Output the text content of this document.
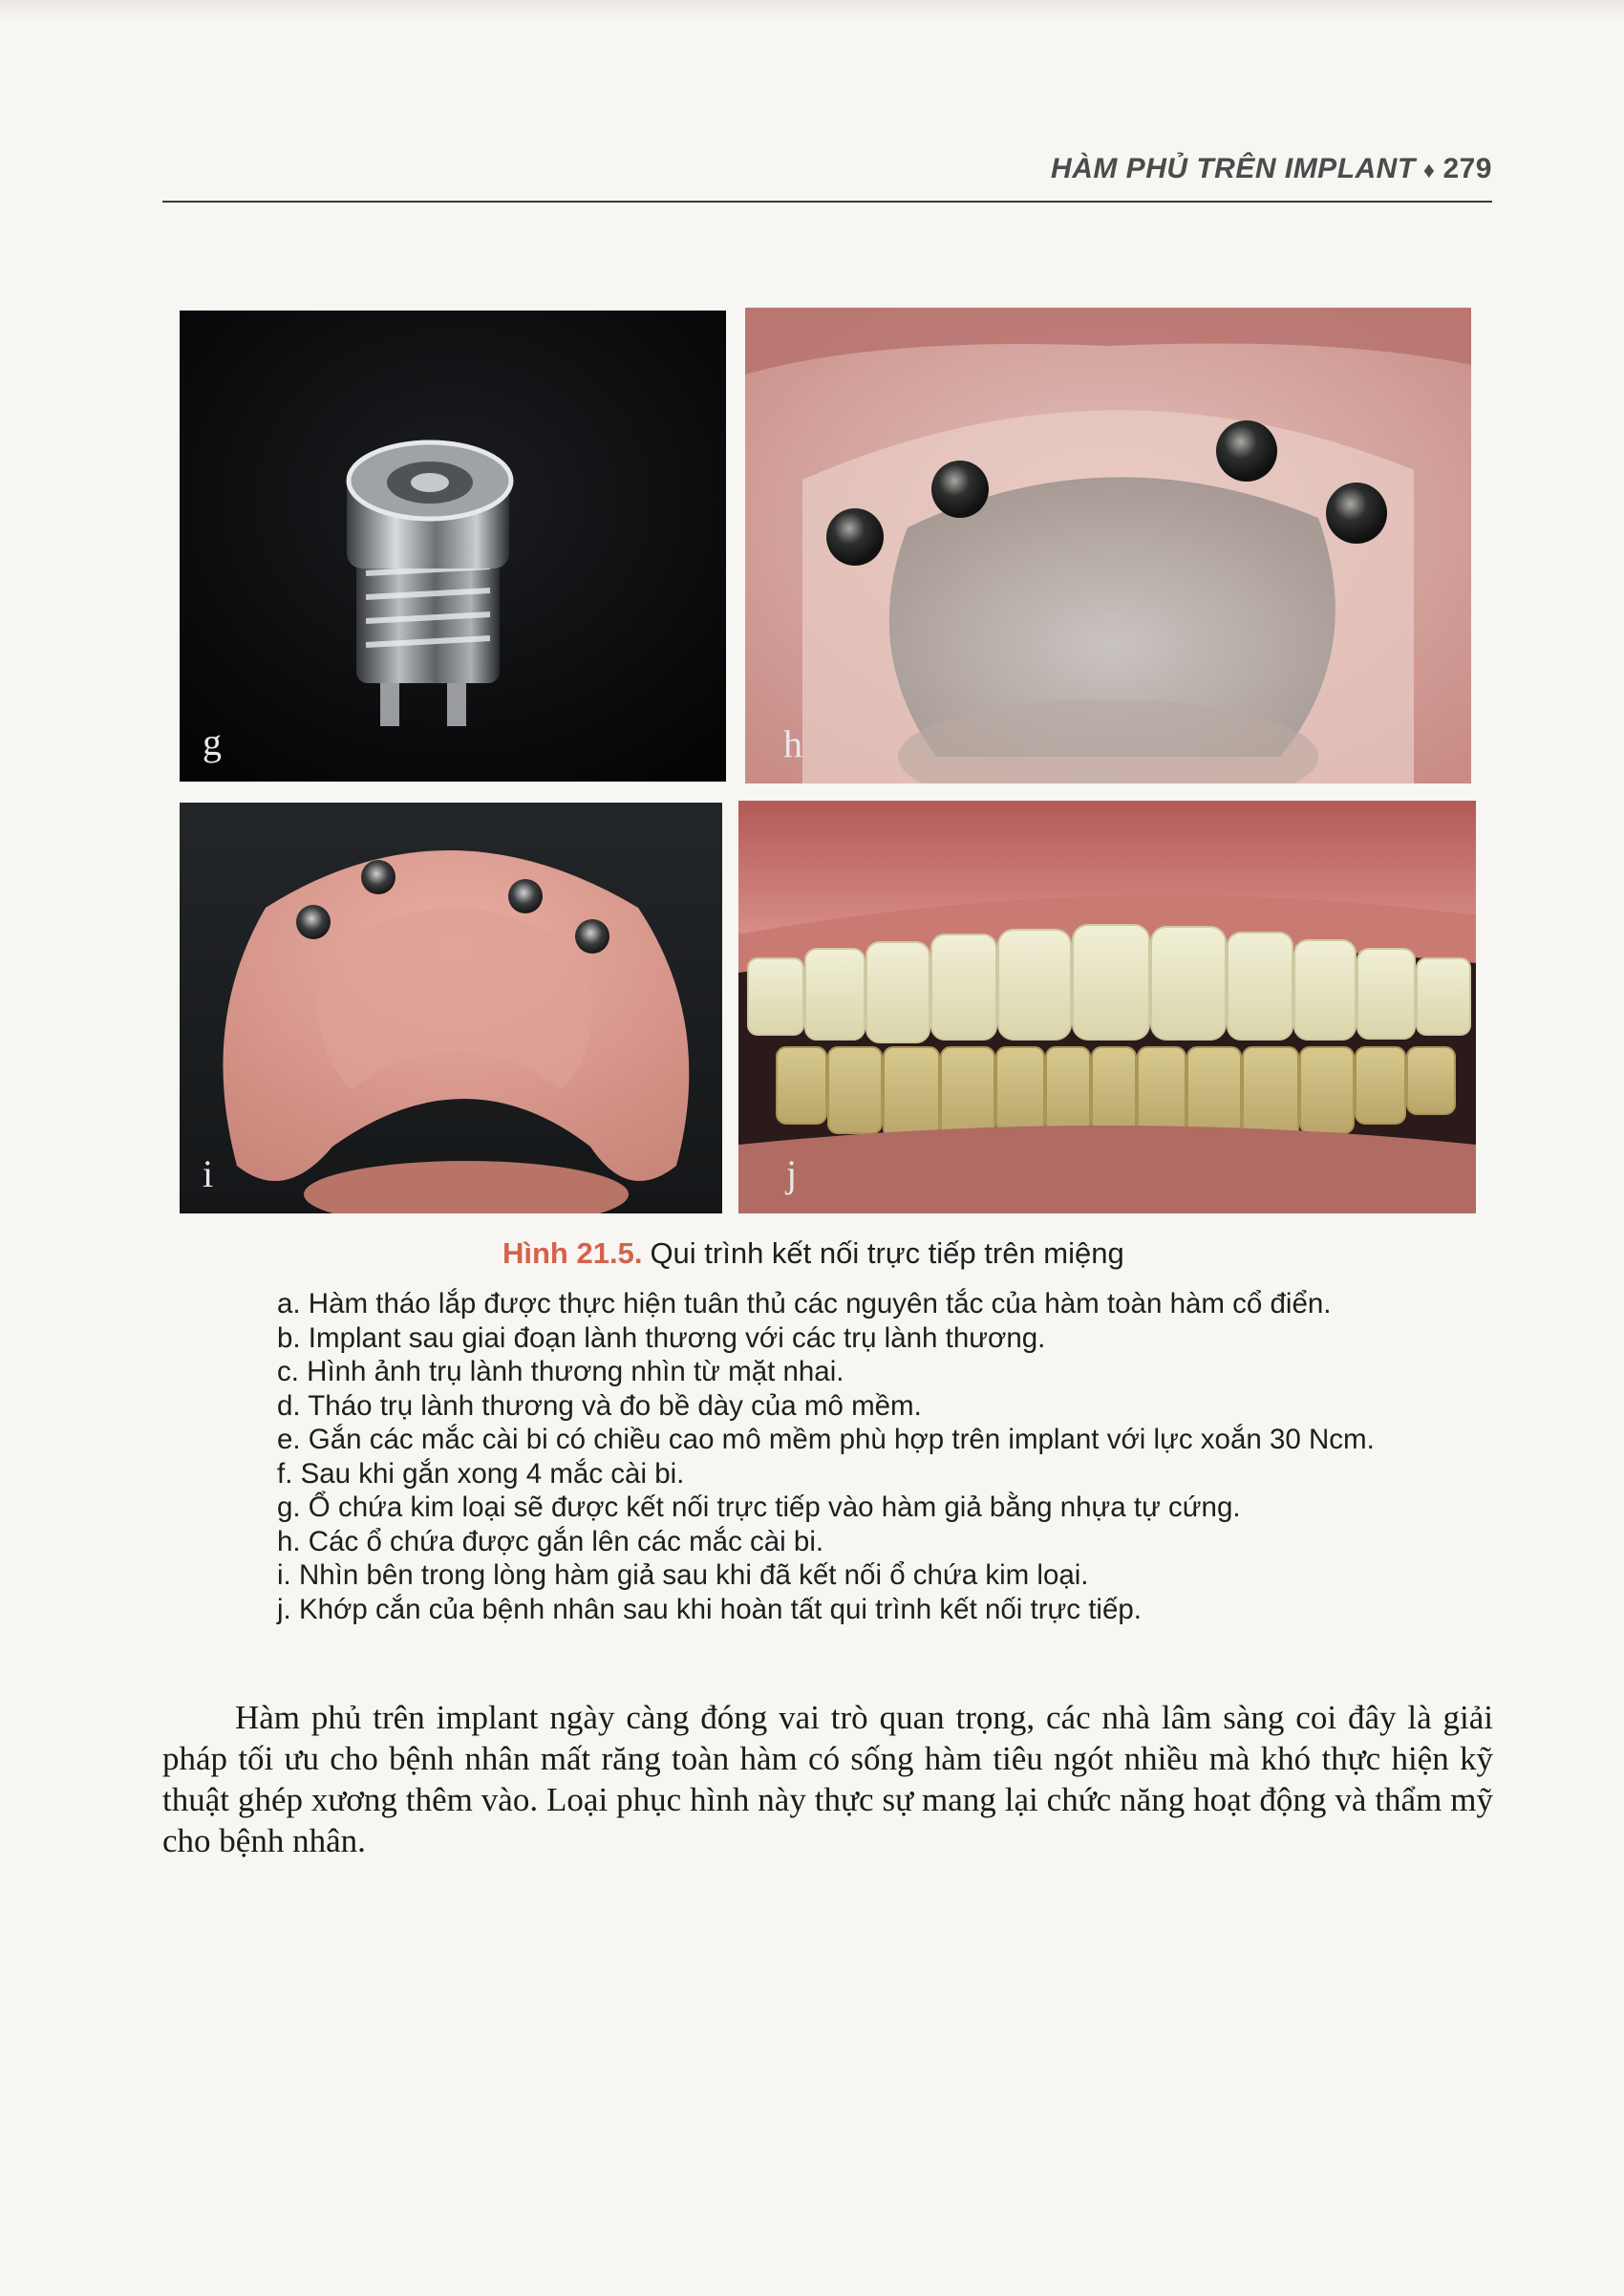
HÀM PHỦ TRÊN IMPLANT ♦ 279
g	h
i	j
Hình 21.5. Qui trình kết nối trực tiếp trên miệng
a. Hàm tháo lắp được thực hiện tuân thủ các nguyên tắc của hàm toàn hàm cổ điển.
b. Implant sau giai đoạn lành thương với các trụ lành thương.
c. Hình ảnh trụ lành thương nhìn từ mặt nhai.
d. Tháo trụ lành thương và đo bề dày của mô mềm.
e. Gắn các mắc cài bi có chiều cao mô mềm phù hợp trên implant với lực xoắn 30 Ncm.
f. Sau khi gắn xong 4 mắc cài bi.
g. Ổ chứa kim loại sẽ được kết nối trực tiếp vào hàm giả bằng nhựa tự cứng.
h. Các ổ chứa được gắn lên các mắc cài bi.
i. Nhìn bên trong lòng hàm giả sau khi đã kết nối ổ chứa kim loại.
j. Khớp cắn của bệnh nhân sau khi hoàn tất qui trình kết nối trực tiếp.

Hàm phủ trên implant ngày càng đóng vai trò quan trọng, các nhà lâm sàng coi đây là giải pháp tối ưu cho bệnh nhân mất răng toàn hàm có sống hàm tiêu ngót nhiều mà khó thực hiện kỹ thuật ghép xương thêm vào. Loại phục hình này thực sự mang lại chức năng hoạt động và thẩm mỹ cho bệnh nhân.
